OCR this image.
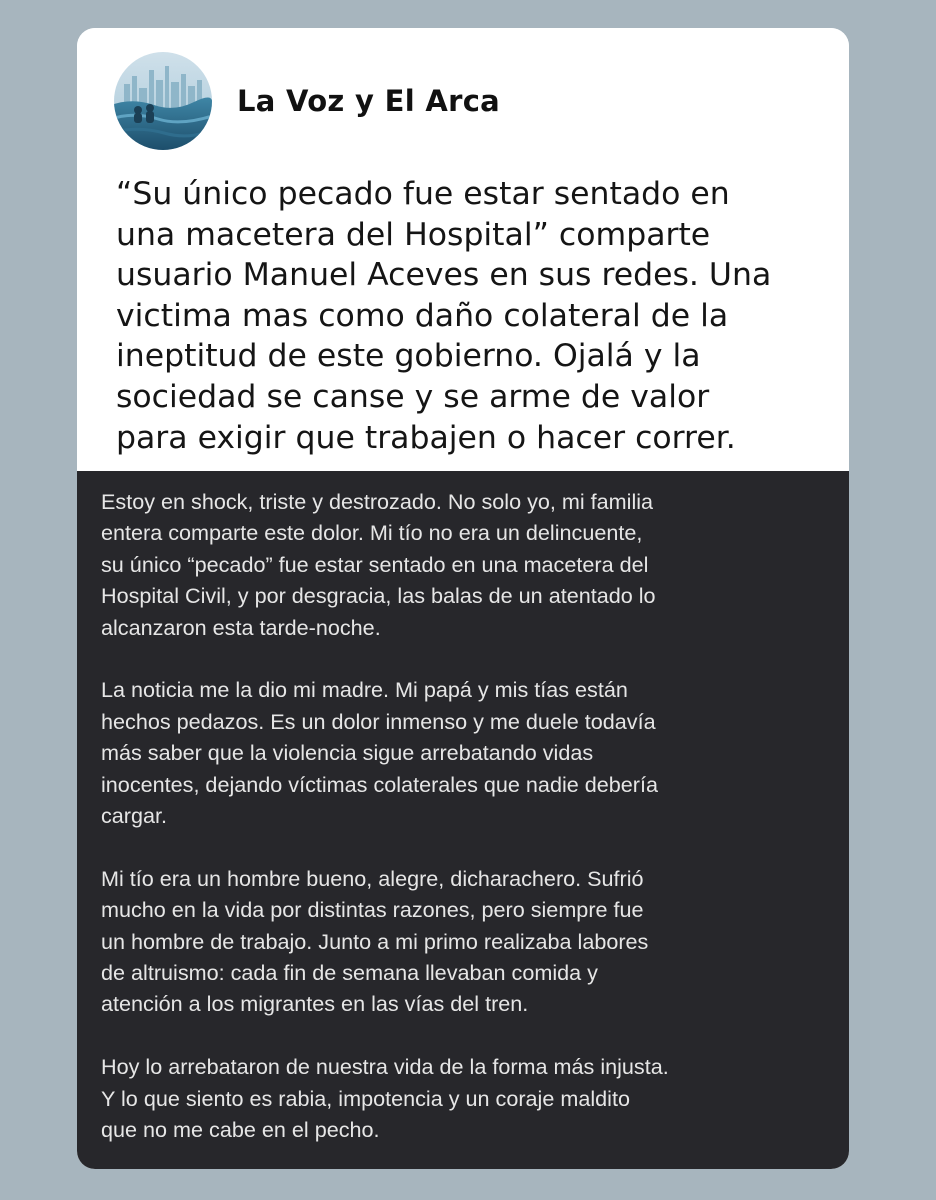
La Voz y El Arca
“Su único pecado fue estar sentado en
una macetera del Hospital” comparte
usuario Manuel Aceves en sus redes. Una
victima mas como daño colateral de la
ineptitud de este gobierno. Ojalá y la
sociedad se canse y se arme de valor
para exigir que trabajen o hacer correr.
Estoy en shock, triste y destrozado. No solo yo, mi familia
entera comparte este dolor. Mi tío no era un delincuente,
su único “pecado” fue estar sentado en una macetera del
Hospital Civil, y por desgracia, las balas de un atentado lo
alcanzaron esta tarde-noche.
La noticia me la dio mi madre. Mi papá y mis tías están
hechos pedazos. Es un dolor inmenso y me duele todavía
más saber que la violencia sigue arrebatando vidas
inocentes, dejando víctimas colaterales que nadie debería
cargar.
Mi tío era un hombre bueno, alegre, dicharachero. Sufrió
mucho en la vida por distintas razones, pero siempre fue
un hombre de trabajo. Junto a mi primo realizaba labores
de altruismo: cada fin de semana llevaban comida y
atención a los migrantes en las vías del tren.
Hoy lo arrebataron de nuestra vida de la forma más injusta.
Y lo que siento es rabia, impotencia y un coraje maldito
que no me cabe en el pecho.
